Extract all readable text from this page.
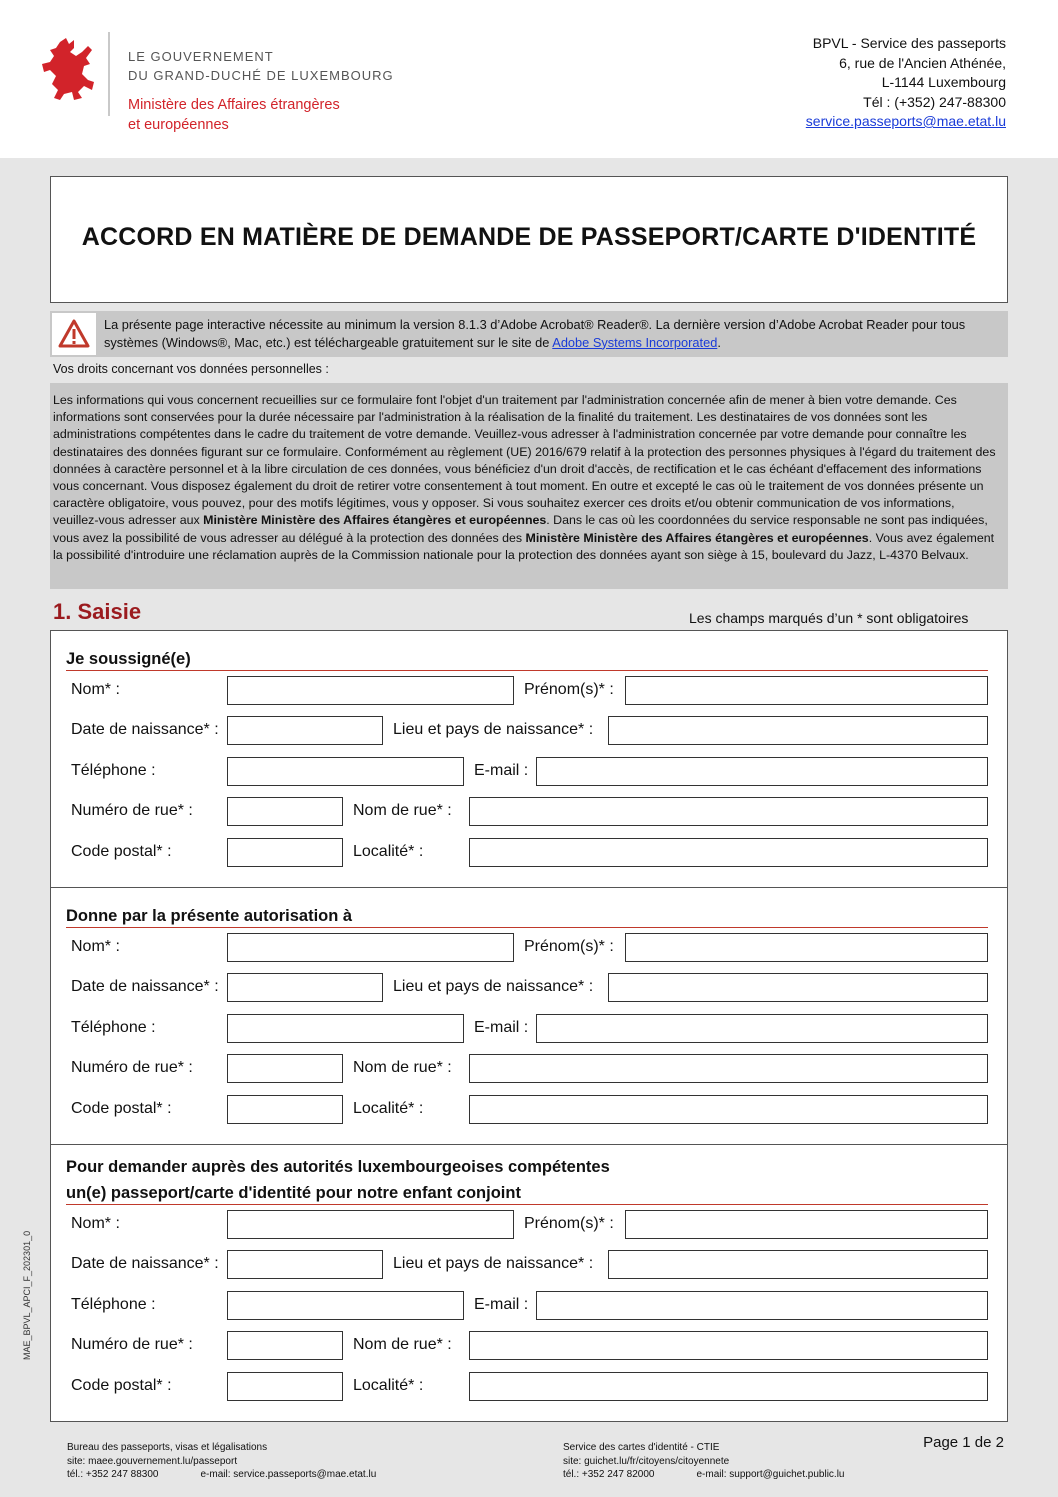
LE GOUVERNEMENT
DU GRAND-DUCHÉ DE LUXEMBOURG
Ministère des Affaires étrangères
et européennes
BPVL - Service des passeports
6, rue de l'Ancien Athénée,
L-1144 Luxembourg
Tél : (+352) 247-88300
service.passeports@mae.etat.lu
ACCORD EN MATIÈRE DE DEMANDE DE PASSEPORT/CARTE D'IDENTITÉ
La présente page interactive nécessite au minimum la version 8.1.3 d’Adobe Acrobat® Reader®. La dernière version d’Adobe Acrobat Reader pour tous systèmes (Windows®, Mac, etc.) est téléchargeable gratuitement sur le site de Adobe Systems Incorporated.
Vos droits concernant vos données personnelles :
Les informations qui vous concernent recueillies sur ce formulaire font l'objet d'un traitement par l'administration concernée afin de mener à bien votre demande. Ces informations sont conservées pour la durée nécessaire par l'administration à la réalisation de la finalité du traitement. Les destinataires de vos données sont les administrations compétentes dans le cadre du traitement de votre demande. Veuillez-vous adresser à l'administration concernée par votre demande pour connaître les destinataires des données figurant sur ce formulaire. Conformément au règlement (UE) 2016/679 relatif à la protection des personnes physiques à l'égard du traitement des données à caractère personnel et à la libre circulation de ces données, vous bénéficiez d'un droit d'accès, de rectification et le cas échéant d'effacement des informations vous concernant. Vous disposez également du droit de retirer votre consentement à tout moment. En outre et excepté le cas où le traitement de vos données présente un caractère obligatoire, vous pouvez, pour des motifs légitimes, vous y opposer. Si vous souhaitez exercer ces droits et/ou obtenir communication de vos informations, veuillez-vous adresser aux Ministère Ministère des Affaires étangères et européennes. Dans le cas où les coordonnées du service responsable ne sont pas indiquées, vous avez la possibilité de vous adresser au délégué à la protection des données des Ministère Ministère des Affaires étangères et européennes. Vous avez également la possibilité d'introduire une réclamation auprès de la Commission nationale pour la protection des données ayant son siège à 15, boulevard du Jazz, L-4370 Belvaux.
1. Saisie	Les champs marqués d’un * sont obligatoires
Je soussigné(e)
Donne par la présente autorisation à
Pour demander auprès des autorités luxembourgeoises compétentes
un(e) passeport/carte d'identité pour notre enfant conjoint
Nom* :	Prénom(s)* :
Date de naissance* :	Lieu et pays de naissance* :
Téléphone :	E-mail :
Numéro de rue* :	Nom de rue* :
Code postal* :	Localité* :
Nom* :	Prénom(s)* :
Date de naissance* :	Lieu et pays de naissance* :
Téléphone :	E-mail :
Numéro de rue* :	Nom de rue* :
Code postal* :	Localité* :
Nom* :	Prénom(s)* :
Date de naissance* :	Lieu et pays de naissance* :
Téléphone :	E-mail :
Numéro de rue* :	Nom de rue* :
Code postal* :	Localité* :
Bureau des passeports, visas et légalisations
site: maee.gouvernement.lu/passeport
tél.: +352 247 88300	e-mail: service.passeports@mae.etat.lu
Service des cartes d'identité - CTIE
site: guichet.lu/fr/citoyens/citoyennete
tél.: +352 247 82000	e-mail: support@guichet.public.lu
Page 1 de 2
MAE_BPVL_APCI_F_202301_0
